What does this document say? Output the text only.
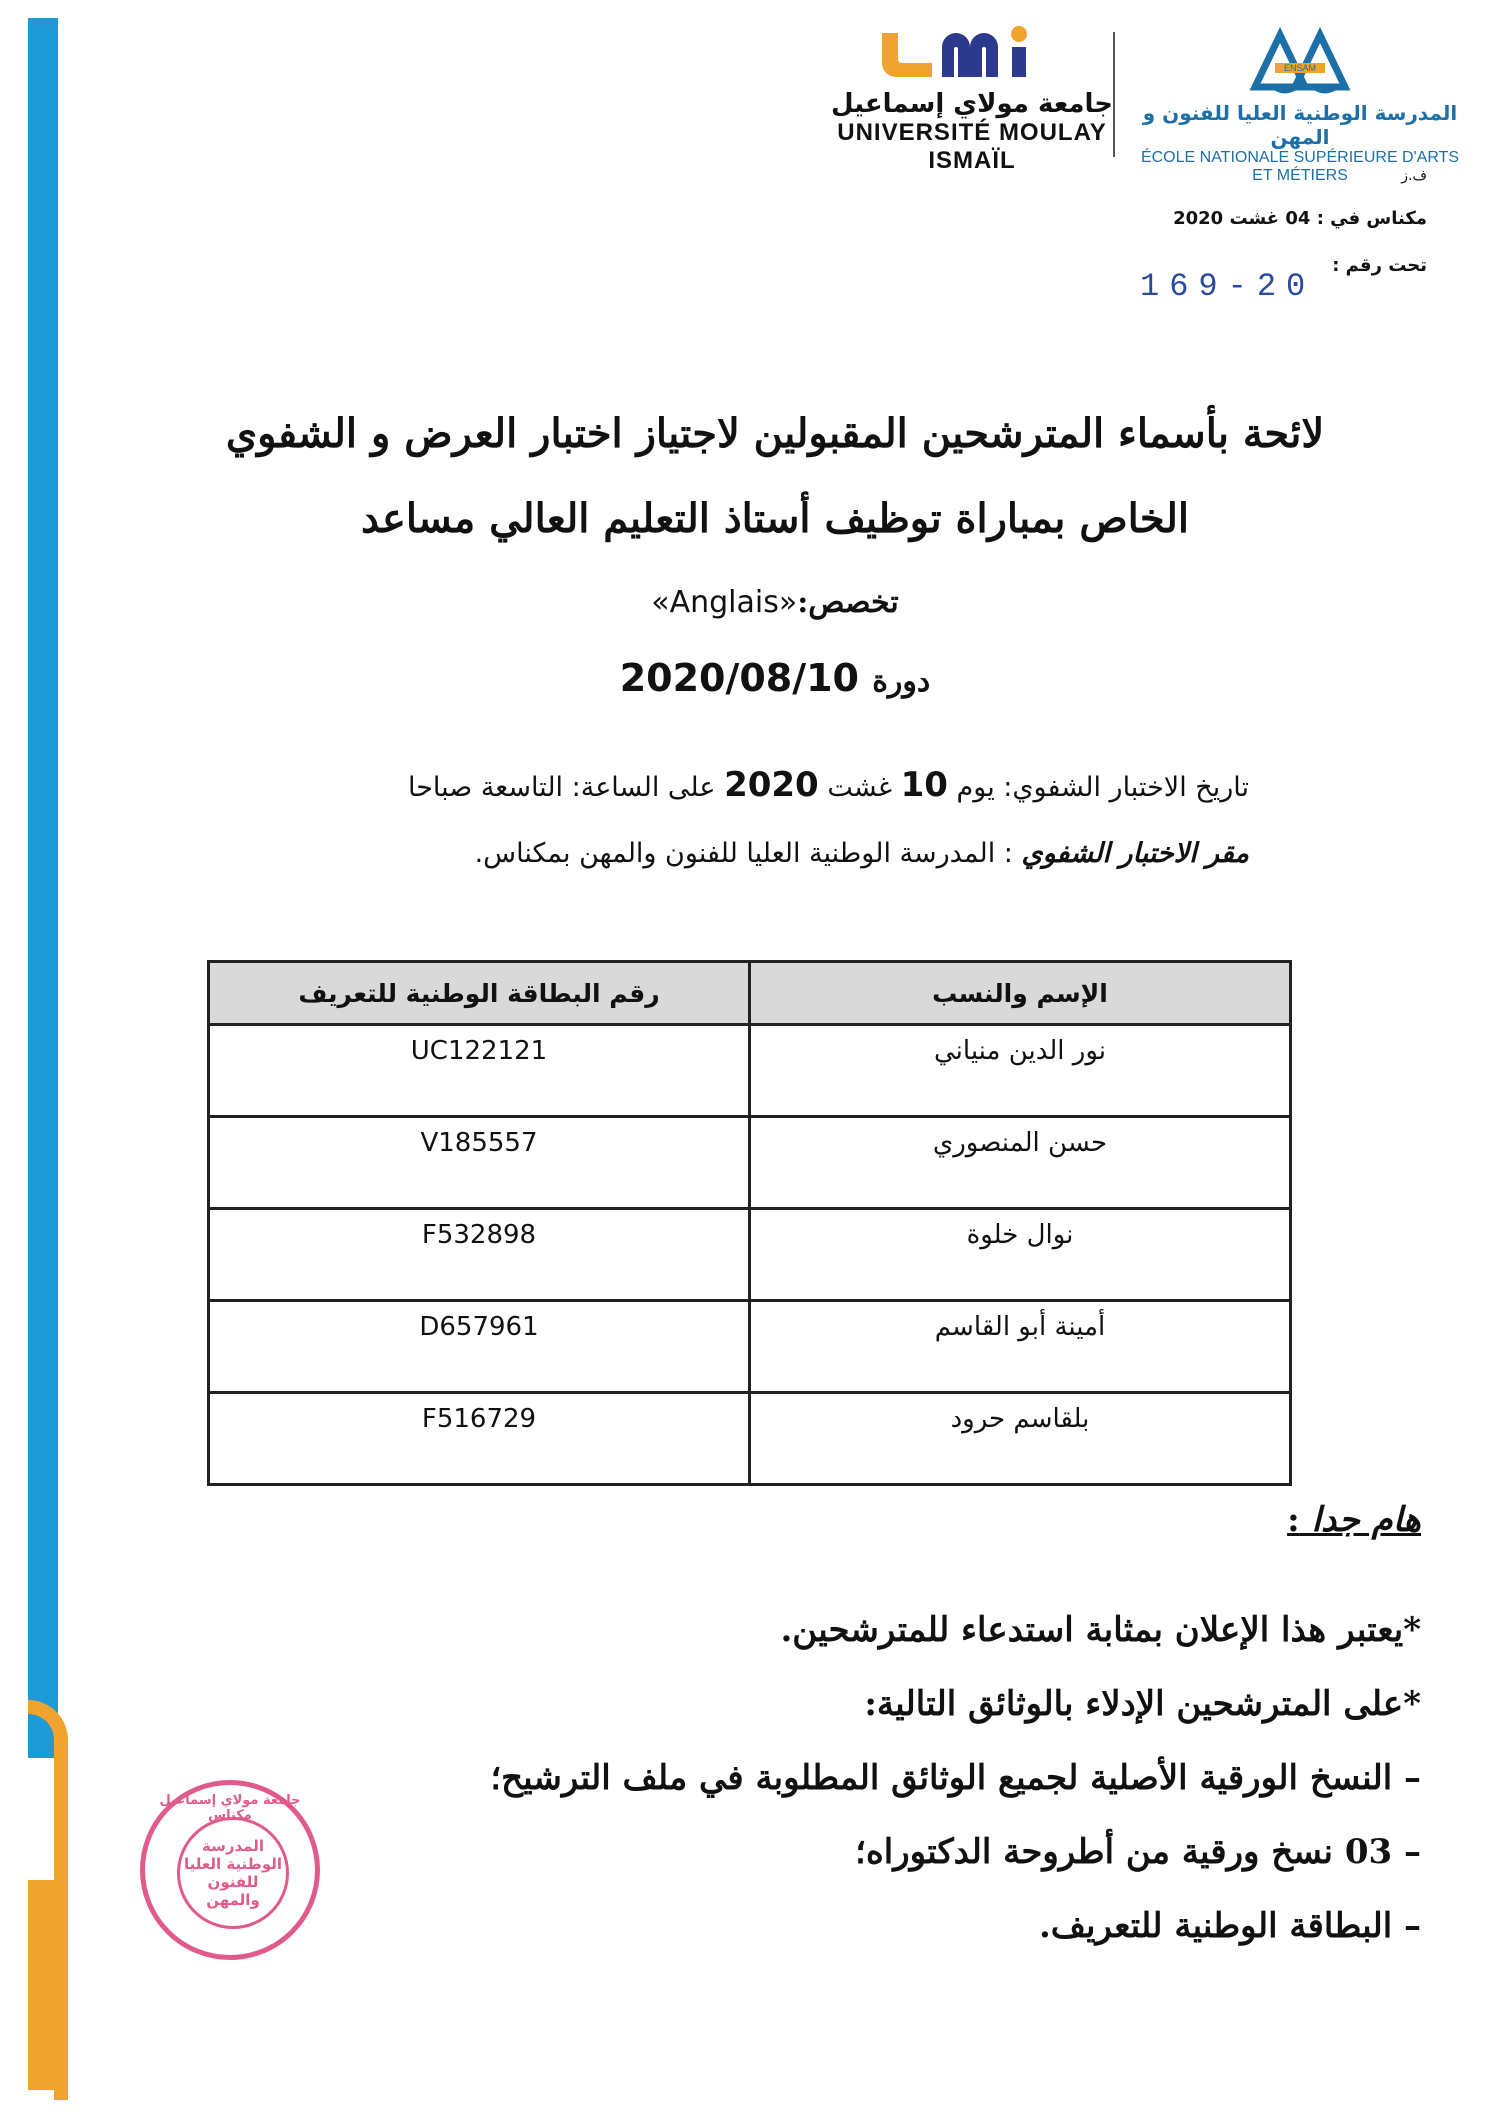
جامعة مولاي إسماعيل
UNIVERSITÉ MOULAY ISMAÏL
ENSAM
المدرسة الوطنية العليا للفنون و المهن
ÉCOLE NATIONALE SUPÉRIEURE D'ARTS ET MÉTIERS	ف.ز
مكناس في : 04 غشت 2020
تحت رقم :
169-20
لائحة بأسماء المترشحين المقبولين لاجتياز اختبار العرض و الشفوي
الخاص بمباراة توظيف أستاذ التعليم العالي مساعد
تخصص:«Anglais»
دورة 2020/08/10
تاريخ الاختبار الشفوي: يوم 10 غشت 2020 على الساعة: التاسعة صباحا
مقر الاختبار الشفوي : المدرسة الوطنية العليا للفنون والمهن بمكناس.
الإسم والنسب	رقم البطاقة الوطنية للتعريف
نور الدين منياني	UC122121
حسن المنصوري	V185557
نوال خلوة	F532898
أمينة أبو القاسم	D657961
بلقاسم حرود	F516729
هام جدا :
*يعتبر هذا الإعلان بمثابة استدعاء للمترشحين.
*على المترشحين الإدلاء بالوثائق التالية:
– النسخ الورقية الأصلية لجميع الوثائق المطلوبة في ملف الترشيح؛
– 03 نسخ ورقية من أطروحة الدكتوراه؛
– البطاقة الوطنية للتعريف.
جامعة مولاي إسماعيل مكناس
المدرسة الوطنية العليا للفنون والمهن
